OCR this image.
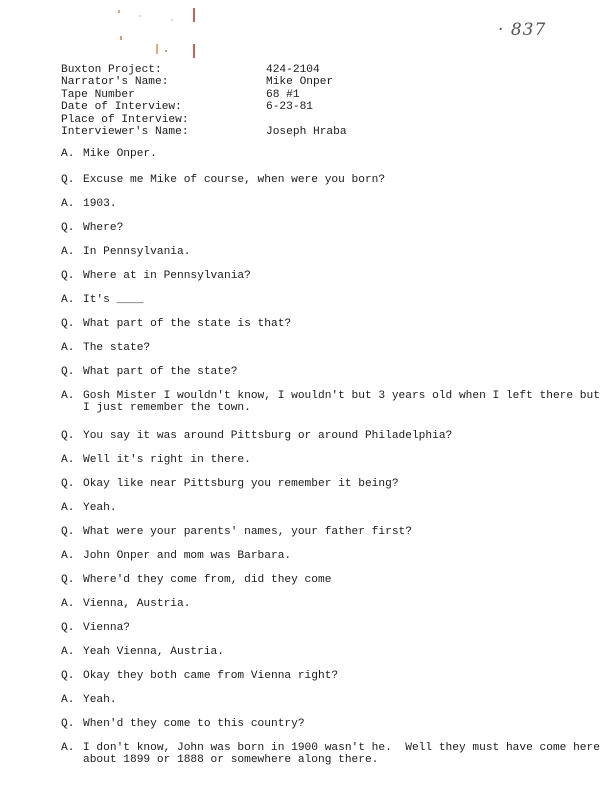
· 837
Buxton Project:	424-2104
Narrator's Name:	Mike Onper
Tape Number	68 #1
Date of Interview:	6-23-81
Place of Interview:
Interviewer's Name:	Joseph Hraba
A. Mike Onper.
Q. Excuse me Mike of course, when were you born?
A. 1903.
Q. Where?
A. In Pennsylvania.
Q. Where at in Pennsylvania?
A. It's ____
Q. What part of the state is that?
A. The state?
Q. What part of the state?
A. Gosh Mister I wouldn't know, I wouldn't but 3 years old when I left there but I just remember the town.
Q. You say it was around Pittsburg or around Philadelphia?
A. Well it's right in there.
Q. Okay like near Pittsburg you remember it being?
A. Yeah.
Q. What were your parents' names, your father first?
A. John Onper and mom was Barbara.
Q. Where'd they come from, did they come
A. Vienna, Austria.
Q. Vienna?
A. Yeah Vienna, Austria.
Q. Okay they both came from Vienna right?
A. Yeah.
Q. When'd they come to this country?
A. I don't know, John was born in 1900 wasn't he.  Well they must have come here about 1899 or 1888 or somewhere along there.
